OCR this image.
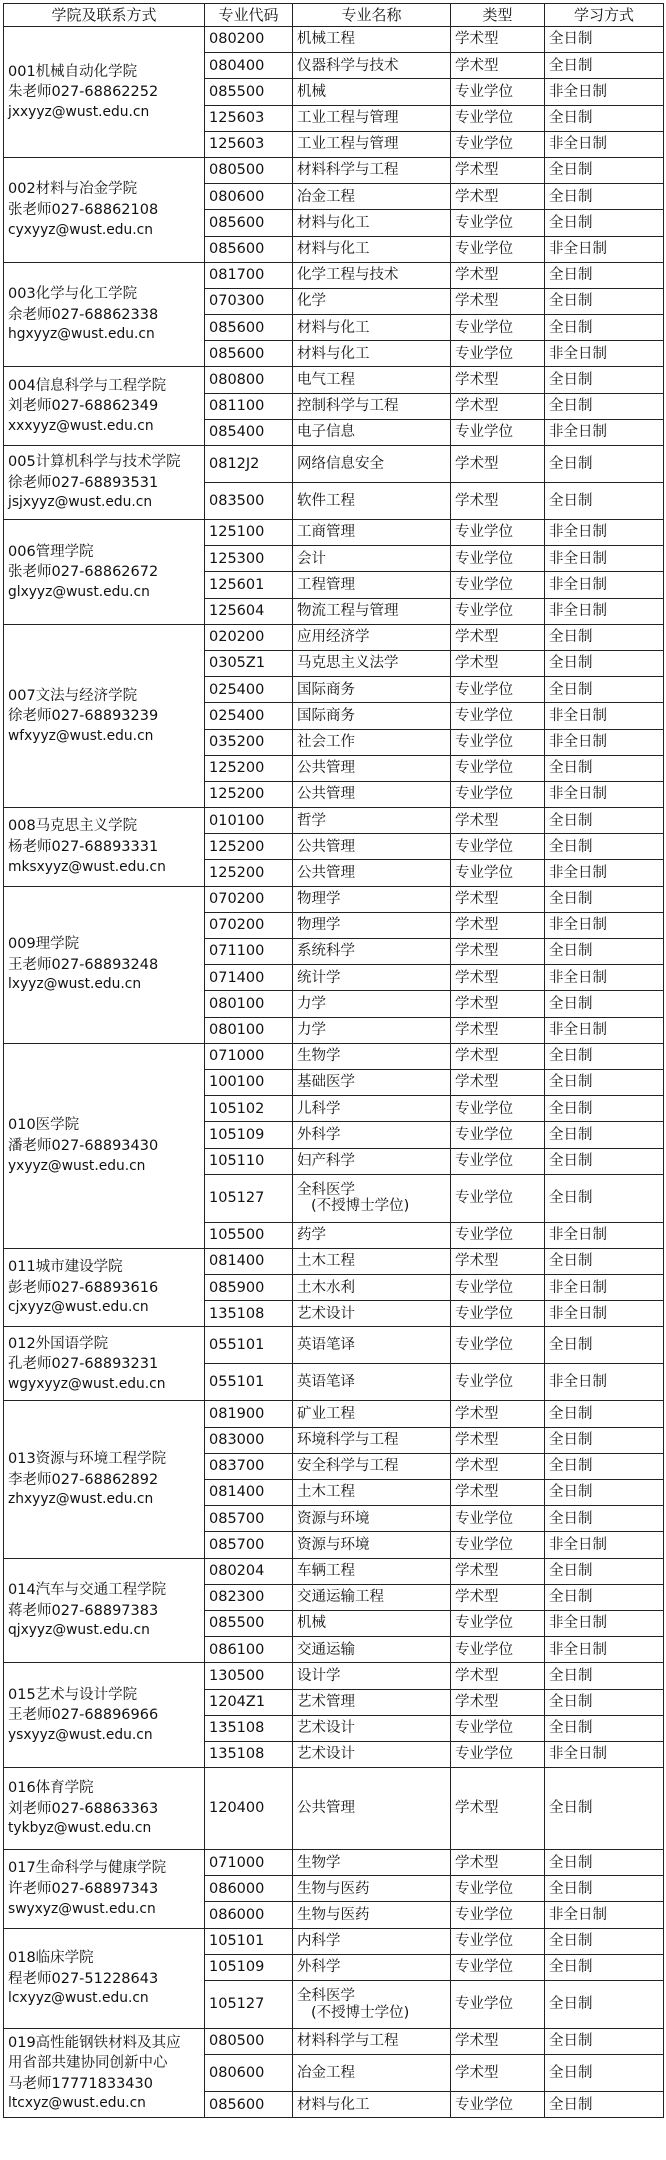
学院及联系方式	专业代码	专业名称	类型	学习方式

001机械自动化学院
朱老师027-68862252
jxxyyz@wust.edu.cn	080200	机械工程	学术型	全日制
	080400	仪器科学与技术	学术型	全日制
	085500	机械	专业学位	非全日制
	125603	工业工程与管理	专业学位	全日制
	125603	工业工程与管理	专业学位	非全日制

002材料与冶金学院
张老师027-68862108
cyxyyz@wust.edu.cn	080500	材料科学与工程	学术型	全日制
	080600	冶金工程	学术型	全日制
	085600	材料与化工	专业学位	全日制
	085600	材料与化工	专业学位	非全日制

003化学与化工学院
余老师027-68862338
hgxyyz@wust.edu.cn	081700	化学工程与技术	学术型	全日制
	070300	化学	学术型	全日制
	085600	材料与化工	专业学位	全日制
	085600	材料与化工	专业学位	非全日制

004信息科学与工程学院
刘老师027-68862349
xxxyyz@wust.edu.cn	080800	电气工程	学术型	全日制
	081100	控制科学与工程	学术型	全日制
	085400	电子信息	专业学位	非全日制

005计算机科学与技术学院
徐老师027-68893531
jsjxyyz@wust.edu.cn	0812J2	网络信息安全	学术型	全日制
	083500	软件工程	学术型	全日制

006管理学院
张老师027-68862672
glxyyz@wust.edu.cn	125100	工商管理	专业学位	非全日制
	125300	会计	专业学位	非全日制
	125601	工程管理	专业学位	非全日制
	125604	物流工程与管理	专业学位	非全日制

007文法与经济学院
徐老师027-68893239
wfxyyz@wust.edu.cn	020200	应用经济学	学术型	全日制
	0305Z1	马克思主义法学	学术型	全日制
	025400	国际商务	专业学位	全日制
	025400	国际商务	专业学位	非全日制
	035200	社会工作	专业学位	非全日制
	125200	公共管理	专业学位	全日制
	125200	公共管理	专业学位	非全日制

008马克思主义学院
杨老师027-68893331
mksxyyz@wust.edu.cn	010100	哲学	学术型	全日制
	125200	公共管理	专业学位	全日制
	125200	公共管理	专业学位	非全日制

009理学院
王老师027-68893248
lxyyz@wust.edu.cn	070200	物理学	学术型	全日制
	070200	物理学	学术型	非全日制
	071100	系统科学	学术型	全日制
	071400	统计学	学术型	非全日制
	080100	力学	学术型	全日制
	080100	力学	学术型	非全日制

010医学院
潘老师027-68893430
yxyyz@wust.edu.cn	071000	生物学	学术型	全日制
	100100	基础医学	学术型	全日制
	105102	儿科学	专业学位	全日制
	105109	外科学	专业学位	全日制
	105110	妇产科学	专业学位	全日制
	105127	全科医学
(不授博士学位)	专业学位	全日制
	105500	药学	专业学位	非全日制

011城市建设学院
彭老师027-68893616
cjxyyz@wust.edu.cn	081400	土木工程	学术型	全日制
	085900	土木水利	专业学位	非全日制
	135108	艺术设计	专业学位	非全日制

012外国语学院
孔老师027-68893231
wgyxyyz@wust.edu.cn	055101	英语笔译	专业学位	全日制
	055101	英语笔译	专业学位	非全日制

013资源与环境工程学院
李老师027-68862892
zhxyyz@wust.edu.cn	081900	矿业工程	学术型	全日制
	083000	环境科学与工程	学术型	全日制
	083700	安全科学与工程	学术型	全日制
	081400	土木工程	学术型	全日制
	085700	资源与环境	专业学位	全日制
	085700	资源与环境	专业学位	非全日制

014汽车与交通工程学院
蒋老师027-68897383
qjxyyz@wust.edu.cn	080204	车辆工程	学术型	全日制
	082300	交通运输工程	学术型	全日制
	085500	机械	专业学位	非全日制
	086100	交通运输	专业学位	非全日制

015艺术与设计学院
王老师027-68896966
ysxyyz@wust.edu.cn	130500	设计学	学术型	全日制
	1204Z1	艺术管理	学术型	全日制
	135108	艺术设计	专业学位	全日制
	135108	艺术设计	专业学位	非全日制

016体育学院
刘老师027-68863363
tykbyz@wust.edu.cn	120400	公共管理	学术型	全日制

017生命科学与健康学院
许老师027-68897343
swyxyz@wust.edu.cn	071000	生物学	学术型	全日制
	086000	生物与医药	专业学位	全日制
	086000	生物与医药	专业学位	非全日制

018临床学院
程老师027-51228643
lcxyyz@wust.edu.cn	105101	内科学	专业学位	全日制
	105109	外科学	专业学位	全日制
	105127	全科医学
(不授博士学位)	专业学位	全日制

019高性能钢铁材料及其应
用省部共建协同创新中心
马老师17771833430
ltcxyz@wust.edu.cn	080500	材料科学与工程	学术型	全日制
	080600	冶金工程	学术型	全日制
	085600	材料与化工	专业学位	全日制
